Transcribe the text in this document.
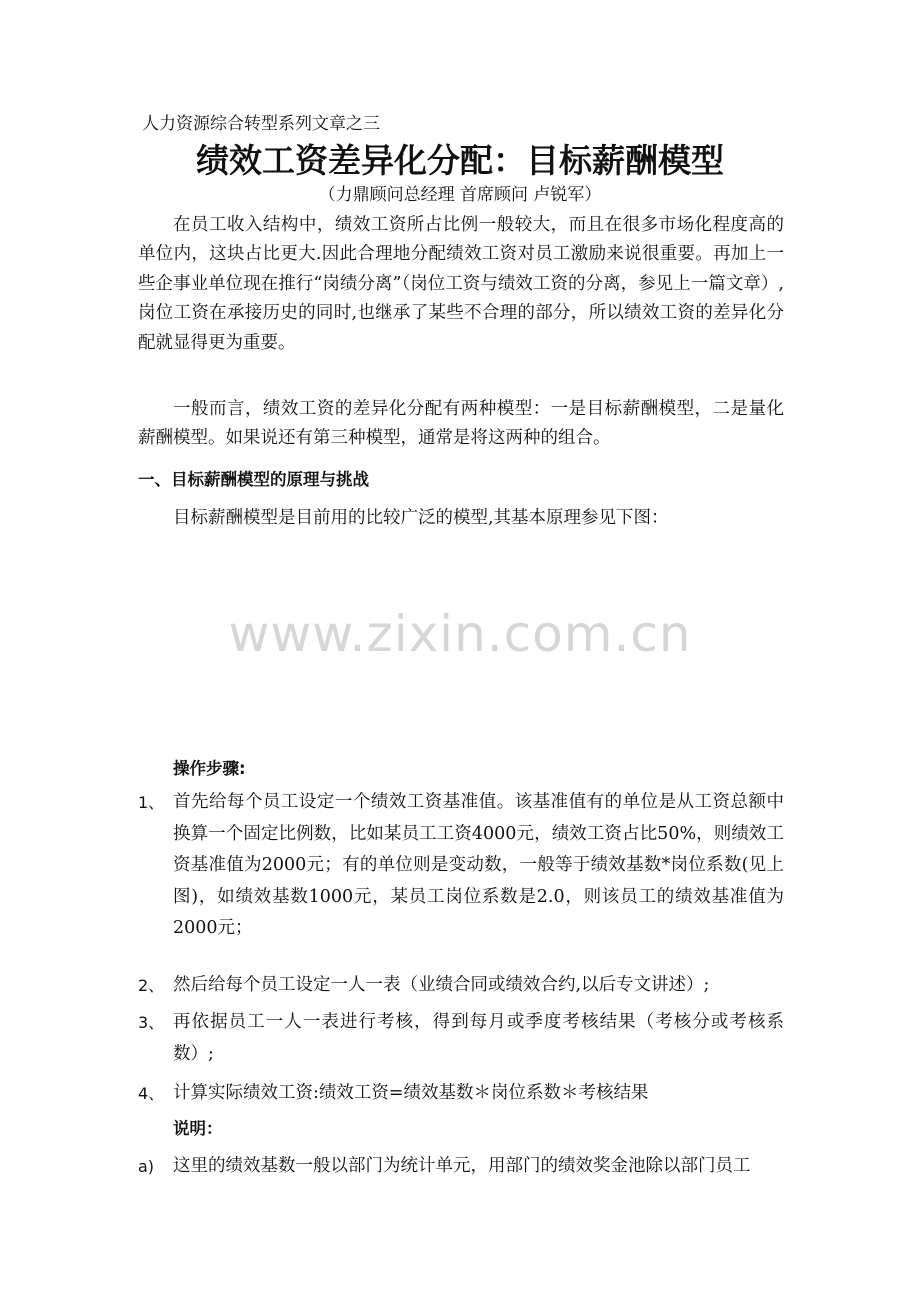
人力资源综合转型系列文章之三
绩效工资差异化分配：目标薪酬模型
（力鼎顾问总经理 首席顾问 卢锐军）

在员工收入结构中，绩效工资所占比例一般较大，而且在很多市场化程度高的单位内，这块占比更大.因此合理地分配绩效工资对员工激励来说很重要。再加上一些企事业单位现在推行“岗绩分离”（岗位工资与绩效工资的分离，参见上一篇文章）,岗位工资在承接历史的同时,也继承了某些不合理的部分，所以绩效工资的差异化分配就显得更为重要。

一般而言，绩效工资的差异化分配有两种模型：一是目标薪酬模型，二是量化薪酬模型。如果说还有第三种模型，通常是将这两种的组合。

一、目标薪酬模型的原理与挑战
目标薪酬模型是目前用的比较广泛的模型,其基本原理参见下图：
www.zixin.com.cn
操作步骤:
1、 首先给每个员工设定一个绩效工资基准值。该基准值有的单位是从工资总额中换算一个固定比例数，比如某员工工资4000元，绩效工资占比50%，则绩效工资基准值为2000元；有的单位则是变动数，一般等于绩效基数*岗位系数(见上图)，如绩效基数1000元，某员工岗位系数是2.0，则该员工的绩效基准值为2000元；
2、 然后给每个员工设定一人一表（业绩合同或绩效合约,以后专文讲述）;
3、 再依据员工一人一表进行考核，得到每月或季度考核结果（考核分或考核系数）;
4、 计算实际绩效工资:绩效工资=绩效基数＊岗位系数＊考核结果
说明：
a)	这里的绩效基数一般以部门为统计单元，用部门的绩效奖金池除以部门员工
